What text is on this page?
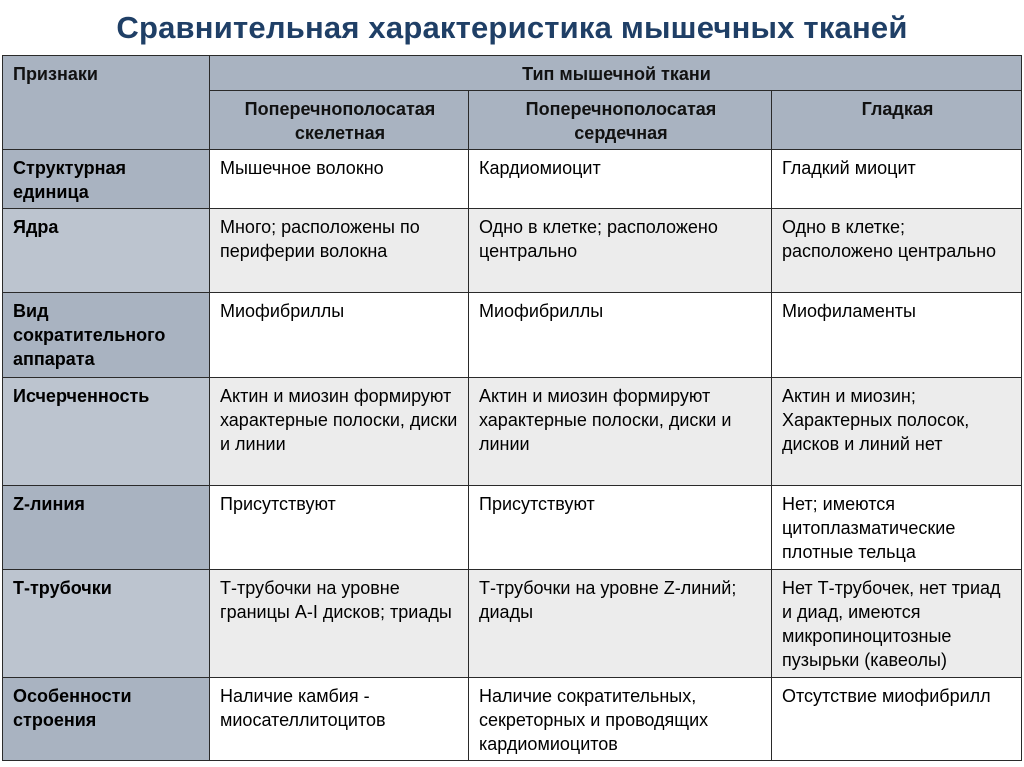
Сравнительная характеристика мышечных тканей
Признаки	Тип мышечной ткани		
	Поперечнополосатая скелетная	Поперечнополосатая сердечная	Гладкая
Структурная единица	Мышечное волокно	Кардиомиоцит	Гладкий миоцит
Ядра	Много; расположены по периферии волокна	Одно в клетке; расположено центрально	Одно в клетке; расположено центрально
Вид сократительного аппарата	Миофибриллы	Миофибриллы	Миофиламенты
Исчерченность	Актин и миозин формируют характерные полоски, диски и линии	Актин и миозин формируют характерные полоски, диски и линии	Актин и миозин; Характерных полосок, дисков и линий нет
Z-линия	Присутствуют	Присутствуют	Нет; имеются цитоплазматические плотные тельца
Т-трубочки	Т-трубочки на уровне границы A-I дисков; триады	Т-трубочки на уровне Z-линий; диады	Нет Т-трубочек, нет триад и диад, имеются микропиноцитозные пузырьки (кавеолы)
Особенности строения	Наличие камбия - миосателлитоцитов	Наличие сократительных, секреторных и проводящих кардиомиоцитов	Отсутствие миофибрилл
